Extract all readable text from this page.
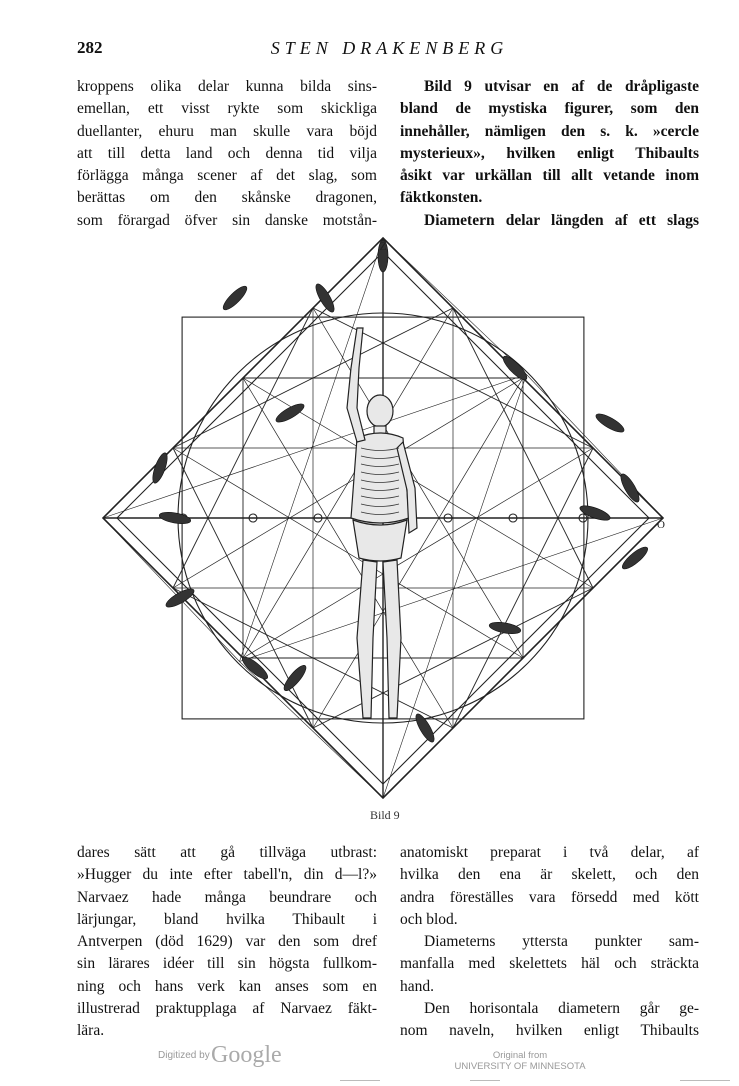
282	STEN DRAKENBERG
kroppens olika delar kunna bilda sins-
emellan, ett visst rykte som skickliga
duellanter, ehuru man skulle vara böjd
att till detta land och denna tid vilja
förlägga många scener af det slag, som
berättas om den skånske dragonen,
som förargad öfver sin danske motstån-
Bild 9 utvisar en af de dråpligaste
bland de mystiska figurer, som den
innehåller, nämligen den s. k. »cercle
mysterieux», hvilken enligt Thibaults
åsikt var urkällan till allt vetande inom
fäktkonsten.
Diametern delar längden af ett slags
Z
O
Bild 9
dares sätt att gå tillväga utbrast:
»Hugger du inte efter tabell'n, din d—l?»
Narvaez hade många beundrare och
lärjungar, bland hvilka Thibault i
Antverpen (död 1629) var den som dref
sin lärares idéer till sin högsta fullkom-
ning och hans verk kan anses som en
illustrerad praktupplaga af Narvaez fäkt-
lära.
anatomiskt preparat i två delar, af
hvilka den ena är skelett, och den
andra föreställes vara försedd med kött
och blod.
Diameterns yttersta punkter sam-
manfalla med skelettets häl och sträckta
hand.
Den horisontala diametern går ge-
nom naveln, hvilken enligt Thibaults
Digitized by Google	Original from
UNIVERSITY OF MINNESOTA
